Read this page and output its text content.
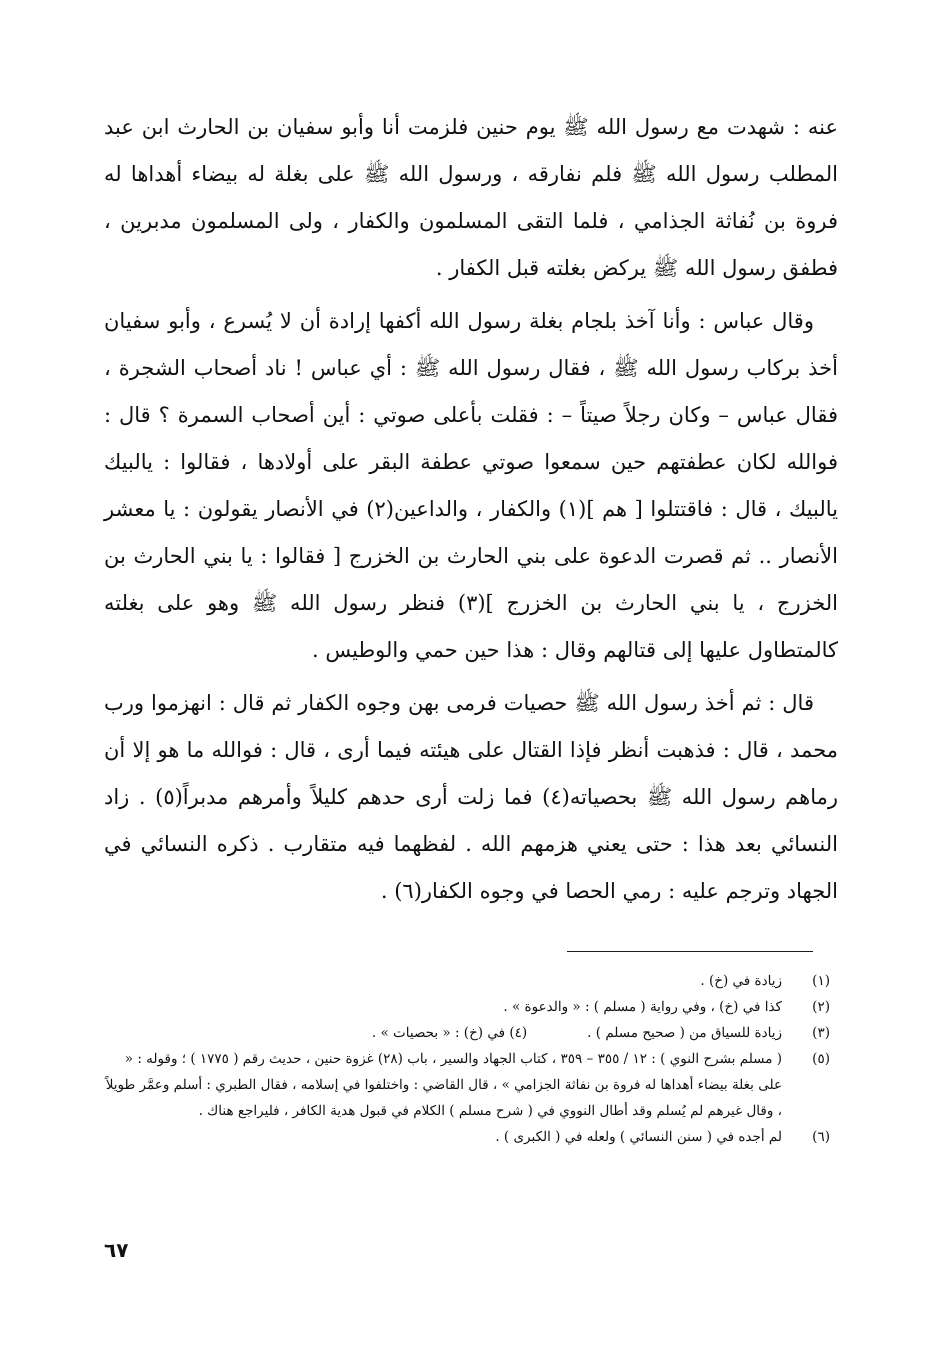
عنه : شهدت مع رسول الله ﷺ يوم حنين فلزمت أنا وأبو سفيان بن الحارث ابن عبد المطلب رسول الله ﷺ فلم نفارقه ، ورسول الله ﷺ على بغلة له بيضاء أهداها له فروة بن نُفاثة الجذامي ، فلما التقى المسلمون والكفار ، ولى المسلمون مدبرين ، فطفق رسول الله ﷺ يركض بغلته قبل الكفار .

وقال عباس : وأنا آخذ بلجام بغلة رسول الله أكفها إرادة أن لا يُسرع ، وأبو سفيان أخذ بركاب رسول الله ﷺ ، فقال رسول الله ﷺ : أي عباس ! ناد أصحاب الشجرة ، فقال عباس – وكان رجلاً صيتاً – : فقلت بأعلى صوتي : أين أصحاب السمرة ؟ قال : فوالله لكان عطفتهم حين سمعوا صوتي عطفة البقر على أولادها ، فقالوا : يالبيك يالبيك ، قال : فاقتتلوا [ هم ](١) والكفار ، والداعين(٢) في الأنصار يقولون : يا معشر الأنصار .. ثم قصرت الدعوة على بني الحارث بن الخزرج [ فقالوا : يا بني الحارث بن الخزرج ، يا بني الحارث بن الخزرج ](٣) فنظر رسول الله ﷺ وهو على بغلته كالمتطاول عليها إلى قتالهم وقال : هذا حين حمي والوطيس .

قال : ثم أخذ رسول الله ﷺ حصيات فرمى بهن وجوه الكفار ثم قال : انهزموا ورب محمد ، قال : فذهبت أنظر فإذا القتال على هيئته فيما أرى ، قال : فوالله ما هو إلا أن رماهم رسول الله ﷺ بحصياته(٤) فما زلت أرى حدهم كليلاً وأمرهم مدبراً(٥) . زاد النسائي بعد هذا : حتى يعني هزمهم الله . لفظهما فيه متقارب . ذكره النسائي في الجهاد وترجم عليه : رمي الحصا في وجوه الكفار(٦) .

(١)
زيادة في (خ) .
(٢)
كذا في (خ) ، وفي رواية ( مسلم ) : « والدعوة » .
(٣)
زيادة للسياق من ( صحيح مسلم ) .(٤) في (خ) : « بحصيات » .
(٥)
( مسلم بشرح النوي ) : ١٢ / ٣٥٥ – ٣٥٩ ، كتاب الجهاد والسير ، باب (٢٨) غزوة حنين ، حديث رقم ( ١٧٧٥ ) ؛ وقوله : « على بغلة بيضاء أهداها له فروة بن نفاثة الجزامي » ، قال القاضي : واختلفوا في إسلامه ، فقال الطبري : أسلم وعمَّر طويلاً ، وقال غيرهم لم يُسلم وقد أطال النووي في ( شرح مسلم ) الكلام في قبول هدية الكافر ، فليراجع هناك .
(٦)
لم أجده في ( سنن النسائي ) ولعله في ( الكبرى ) .
٦٧
